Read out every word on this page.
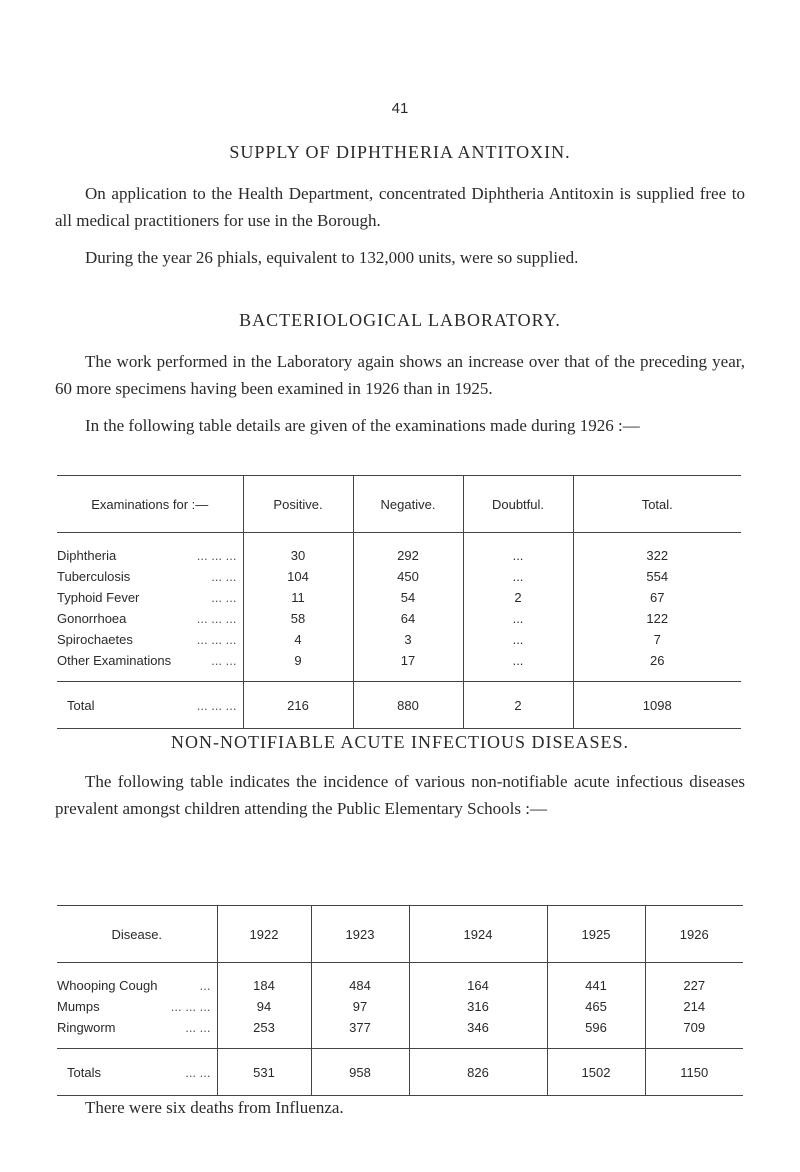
41
SUPPLY OF DIPHTHERIA ANTITOXIN.

On application to the Health Department, concentrated Diphtheria Antitoxin is supplied free to all medical practitioners for use in the Borough.

During the year 26 phials, equivalent to 132,000 units, were so supplied.

BACTERIOLOGICAL LABORATORY.

The work performed in the Laboratory again shows an increase over that of the preceding year, 60 more specimens having been examined in 1926 than in 1925.

In the following table details are given of the examinations made during 1926 :—

Examinations for :—	Positive.	Negative.	Doubtful.	Total.

Diphtheria ... ... ...	30	292	...	322

Tuberculosis ... ...	104	450	...	554

Typhoid Fever ... ...	11	54	2	67

Gonorrhoea ... ... ...	58	64	...	122

Spirochaetes ... ... ...	4	3	...	7

Other Examinations ... ...	9	17	...	26

Total ... ... ...	216	880	2	1098
NON-NOTIFIABLE ACUTE INFECTIOUS DISEASES.

The following table indicates the incidence of various non-notifiable acute infectious diseases prevalent amongst children attending the Public Elementary Schools :—

Disease.	1922	1923	1924	1925	1926

Whooping Cough ...	184	484	164	441	227

Mumps ... ... ...	94	97	316	465	214

Ringworm ... ...	253	377	346	596	709

Totals ... ...	531	958	826	1502	1150

There were six deaths from Influenza.
